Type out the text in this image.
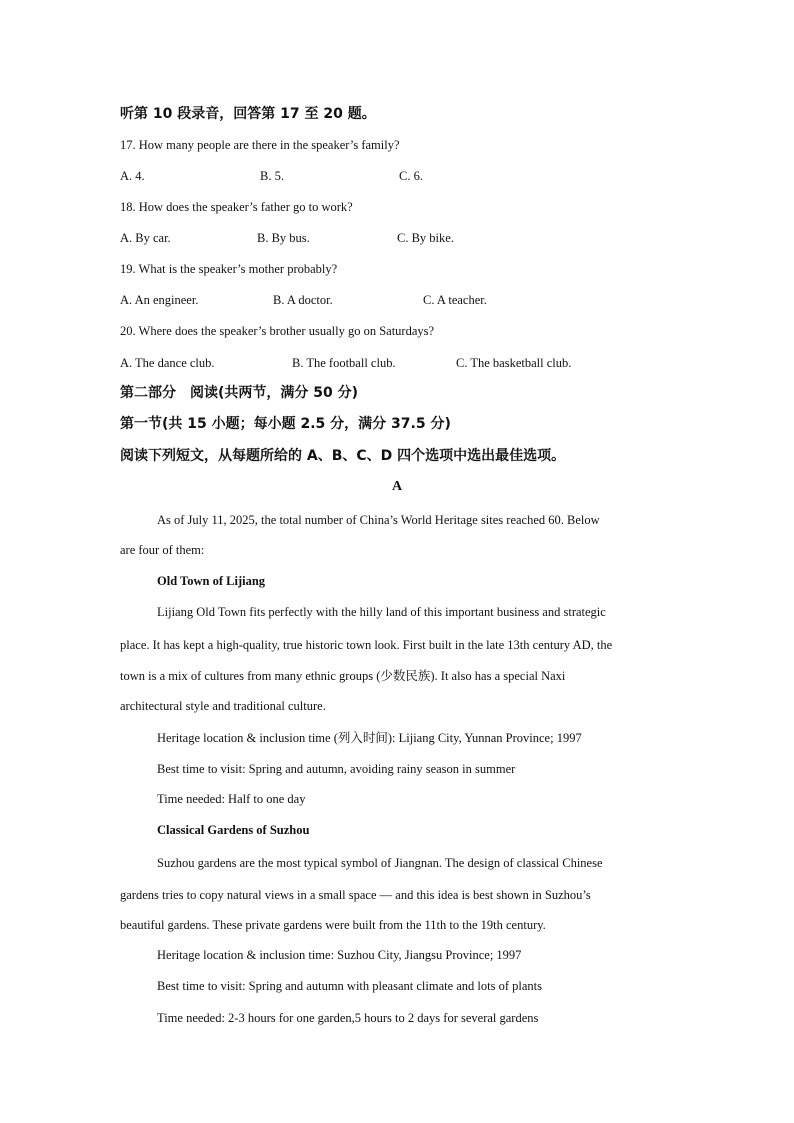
听第 10 段录音，回答第 17 至 20 题。
17. How many people are there in the speaker’s family?
A. 4.	B. 5.	C. 6.
18. How does the speaker’s father go to work?
A. By car.	B. By bus.	C. By bike.
19. What is the speaker’s mother probably?
A. An engineer.	B. A doctor.	C. A teacher.
20. Where does the speaker’s brother usually go on Saturdays?
A. The dance club.	B. The football club.	C. The basketball club.
第二部分　阅读(共两节，满分 50 分)
第一节(共 15 小题；每小题 2.5 分，满分 37.5 分)
阅读下列短文，从每题所给的 A、B、C、D 四个选项中选出最佳选项。
A
As of July 11, 2025, the total number of China’s World Heritage sites reached 60. Below
are four of them:
Old Town of Lijiang
Lijiang Old Town fits perfectly with the hilly land of this important business and strategic
place. It has kept a high-quality, true historic town look. First built in the late 13th century AD, the
town is a mix of cultures from many ethnic groups (少数民族). It also has a special Naxi
architectural style and traditional culture.
Heritage location & inclusion time (列入时间): Lijiang City, Yunnan Province; 1997
Best time to visit: Spring and autumn, avoiding rainy season in summer
Time needed: Half to one day
Classical Gardens of Suzhou
Suzhou gardens are the most typical symbol of Jiangnan. The design of classical Chinese
gardens tries to copy natural views in a small space — and this idea is best shown in Suzhou’s
beautiful gardens. These private gardens were built from the 11th to the 19th century.
Heritage location & inclusion time: Suzhou City, Jiangsu Province; 1997
Best time to visit: Spring and autumn with pleasant climate and lots of plants
Time needed: 2-3 hours for one garden,5 hours to 2 days for several gardens
